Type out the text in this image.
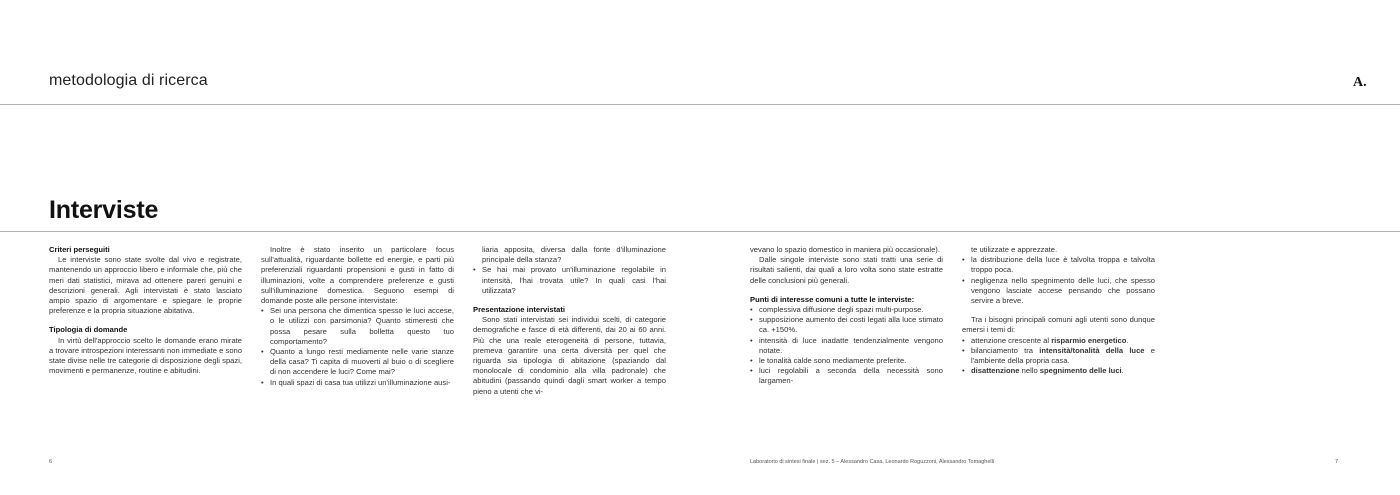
metodologia di ricerca	A.
Interviste
Criteri perseguiti

Le interviste sono state svolte dal vivo e registrate, mantenendo un approccio libero e informale che, più che meri dati statistici, mirava ad ottenere pareri genuini e descrizioni generali. Agli intervistati è stato lasciato ampio spazio di argomentare e spiegare le proprie preferenze e la propria situazione abitativa.

Tipologia di domande

In virtù dell'approccio scelto le domande erano mirate a trovare introspezioni interessanti non immediate e sono state divise nelle tre categorie di disposizione degli spazi, movimenti e permanenze, routine e abitudini.

Inoltre è stato inserito un particolare focus sull'attualità, riguardante bollette ed energie, e parti più preferenziali riguardanti propensioni e gusti in fatto di illuminazioni, volte a comprendere preferenze e gusti sull'illuminazione domestica. Seguono esempi di domande poste alle persone intervistate:

• Sei una persona che dimentica spesso le luci accese, o le utilizzi con parsimonia? Quanto stimeresti che possa pesare sulla bolletta questo tuo comportamento?
• Quanto a lungo resti mediamente nelle varie stanze della casa? Ti capita di muoverti al buio o di scegliere di non accendere le luci? Come mai?
• In quali spazi di casa tua utilizzi un'illuminazione ausi-
liaria apposita, diversa dalla fonte d'illuminazione principale della stanza?
• Se hai mai provato un'illuminazione regolabile in intensità, l'hai trovata utile? In quali casi l'hai utilizzata?
Presentazione intervistati

Sono stati intervistati sei individui scelti, di categorie demografiche e fasce di età differenti, dai 20 ai 60 anni. Più che una reale eterogeneità di persone, tuttavia, premeva garantire una certa diversità per quel che riguarda sia tipologia di abitazione (spaziando dal monolocale di condominio alla villa padronale) che abitudini (passando quindi dagli smart worker a tempo pieno a utenti che vi-

vevano lo spazio domestico in maniera più occasionale).

Dalle singole interviste sono stati tratti una serie di risultati salienti, dai quali a loro volta sono state estratte delle conclusioni più generali.

Punti di interesse comuni a tutte le interviste:
• complessiva diffusione degli spazi multi-purpose.
• supposizione aumento dei costi legati alla luce stimato ca. +150%.
• intensità di luce inadatte tendenzialmente vengono notate.
• le tonalità calde sono mediamente preferite.
• luci regolabili a seconda della necessità sono largamen-
te utilizzate e apprezzate.
• la distribuzione della luce è talvolta troppa e talvolta troppo poca.
• negligenza nello spegnimento delle luci, che spesso vengono lasciate accese pensando che possano servire a breve.

Tra i bisogni principali comuni agli utenti sono dunque emersi i temi di:

• attenzione crescente al risparmio energetico.
• bilanciamento tra intensità/tonalità della luce e l'ambiente della propria casa.
• disattenzione nello spegnimento delle luci.
6	Laboratorio di sintesi finale | sez. 5 – Alessandro Casa, Leonardo Roguzzoni, Alessandro Tomaghelli	7
